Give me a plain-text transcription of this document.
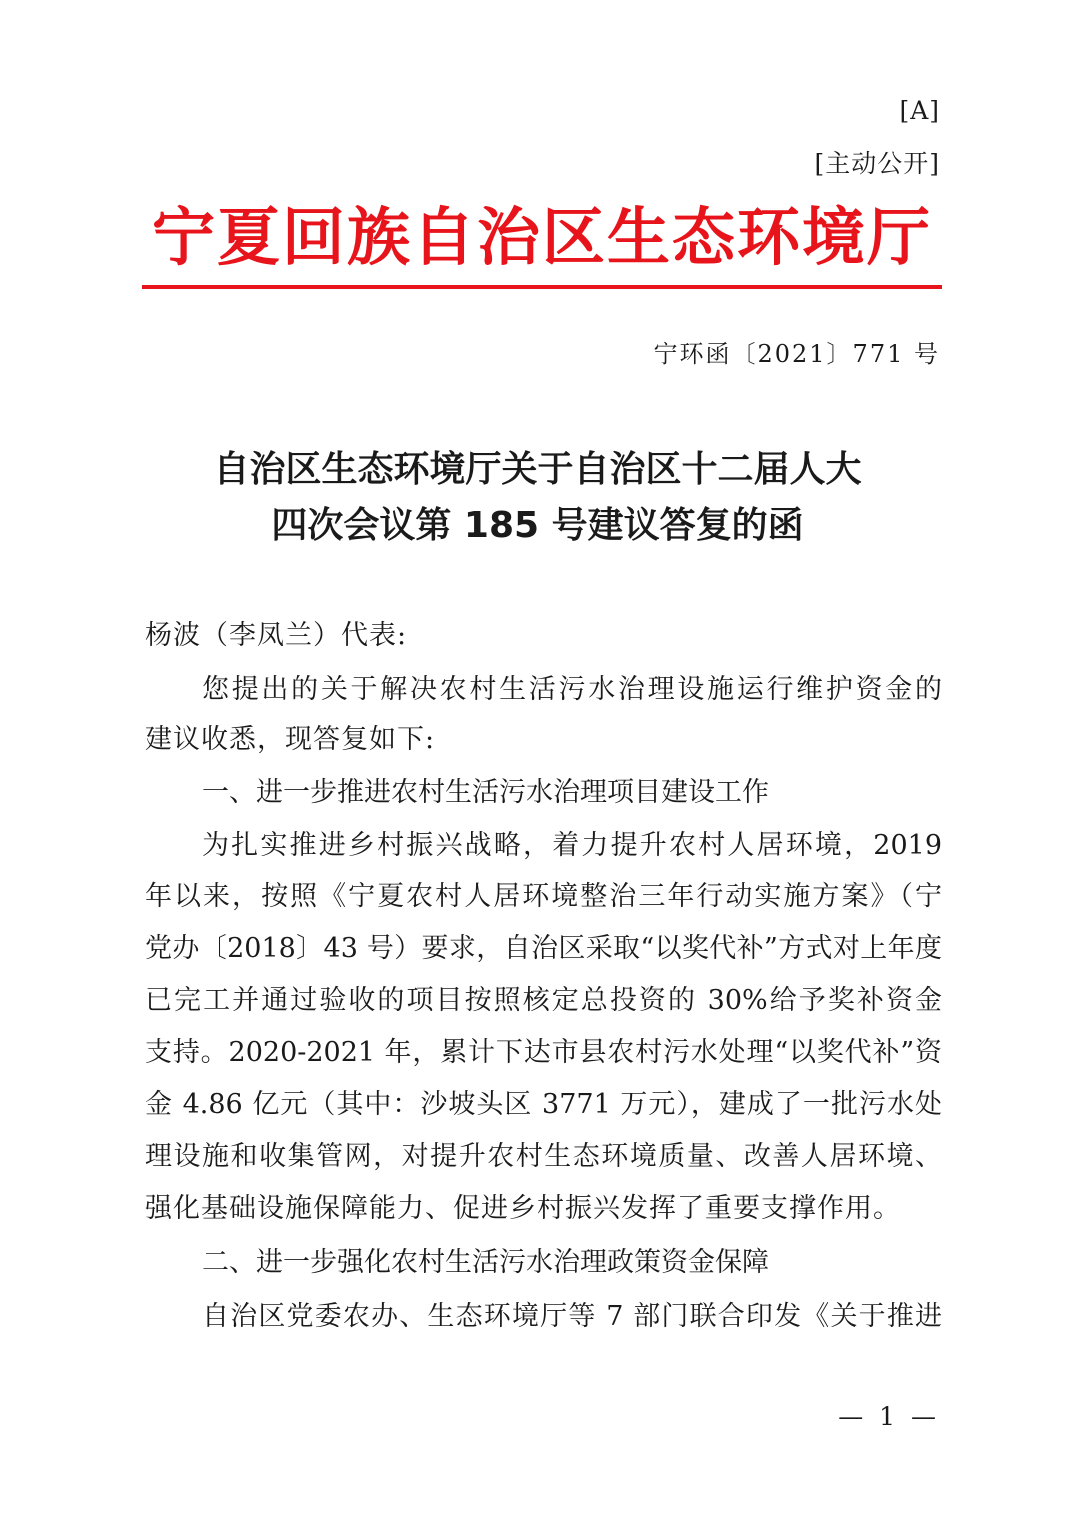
[A]
[主动公开]
宁夏回族自治区生态环境厅
宁环函〔2021〕771 号
自治区生态环境厅关于自治区十二届人大
四次会议第 185 号建议答复的函
杨波（李凤兰）代表:
您提出的关于解决农村生活污水治理设施运行维护资金的
建议收悉，现答复如下:
一、进一步推进农村生活污水治理项目建设工作
为扎实推进乡村振兴战略，着力提升农村人居环境，2019
年以来，按照《宁夏农村人居环境整治三年行动实施方案》（宁
党办〔2018〕43 号）要求，自治区采取“以奖代补”方式对上年度
已完工并通过验收的项目按照核定总投资的 30%给予奖补资金
支持。2020-2021 年，累计下达市县农村污水处理“以奖代补”资
金 4.86 亿元（其中：沙坡头区 3771 万元），建成了一批污水处
理设施和收集管网，对提升农村生态环境质量、改善人居环境、
强化基础设施保障能力、促进乡村振兴发挥了重要支撑作用。
二、进一步强化农村生活污水治理政策资金保障
自治区党委农办、生态环境厅等 7 部门联合印发《关于推进
— 1 —
